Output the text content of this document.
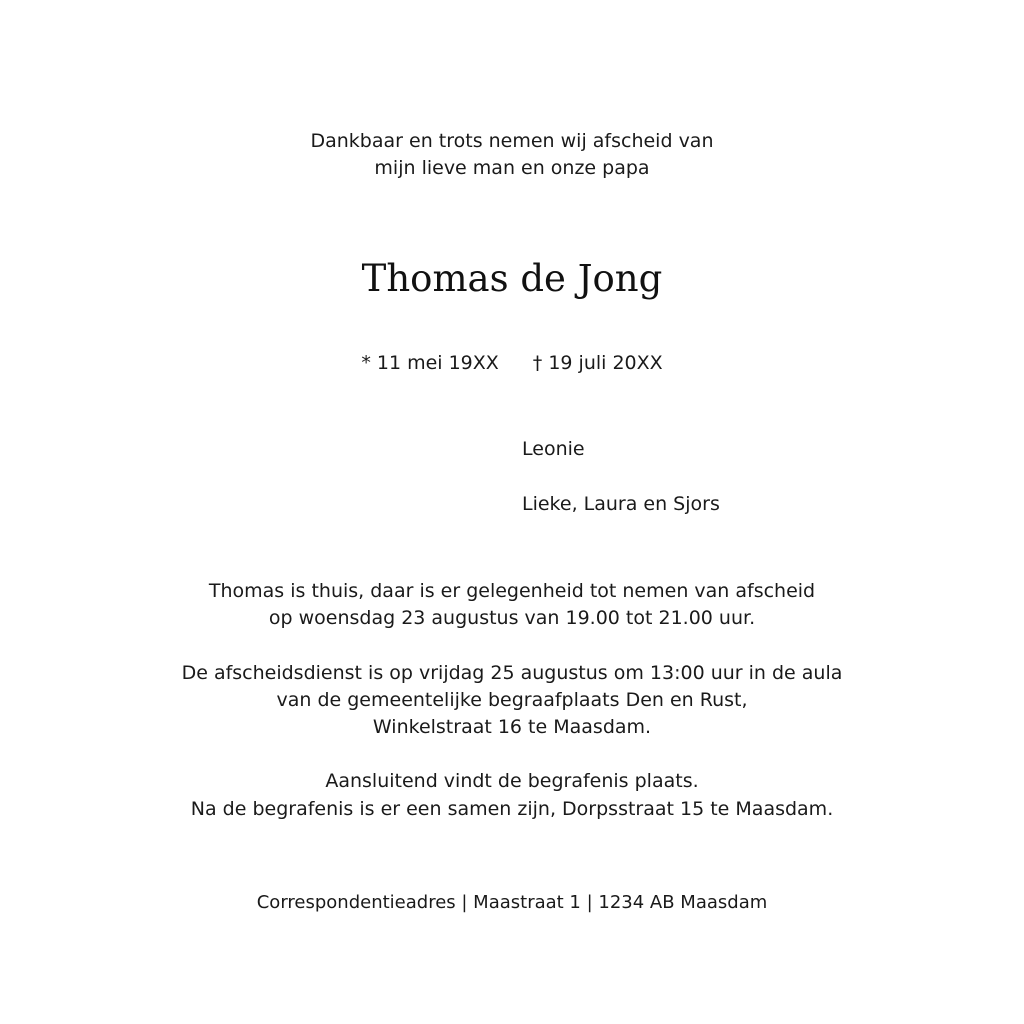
Dankbaar en trots nemen wij afscheid van
mijn lieve man en onze papa
Thomas de Jong
* 11 mei 19XX † 19 juli 20XX
Leonie
Lieke, Laura en Sjors
Thomas is thuis, daar is er gelegenheid tot nemen van afscheid
op woensdag 23 augustus van 19.00 tot 21.00 uur.
De afscheidsdienst is op vrijdag 25 augustus om 13:00 uur in de aula
van de gemeentelijke begraafplaats Den en Rust,
Winkelstraat 16 te Maasdam.
Aansluitend vindt de begrafenis plaats.
Na de begrafenis is er een samen zijn, Dorpsstraat 15 te Maasdam.
Correspondentieadres | Maastraat 1 | 1234 AB Maasdam
